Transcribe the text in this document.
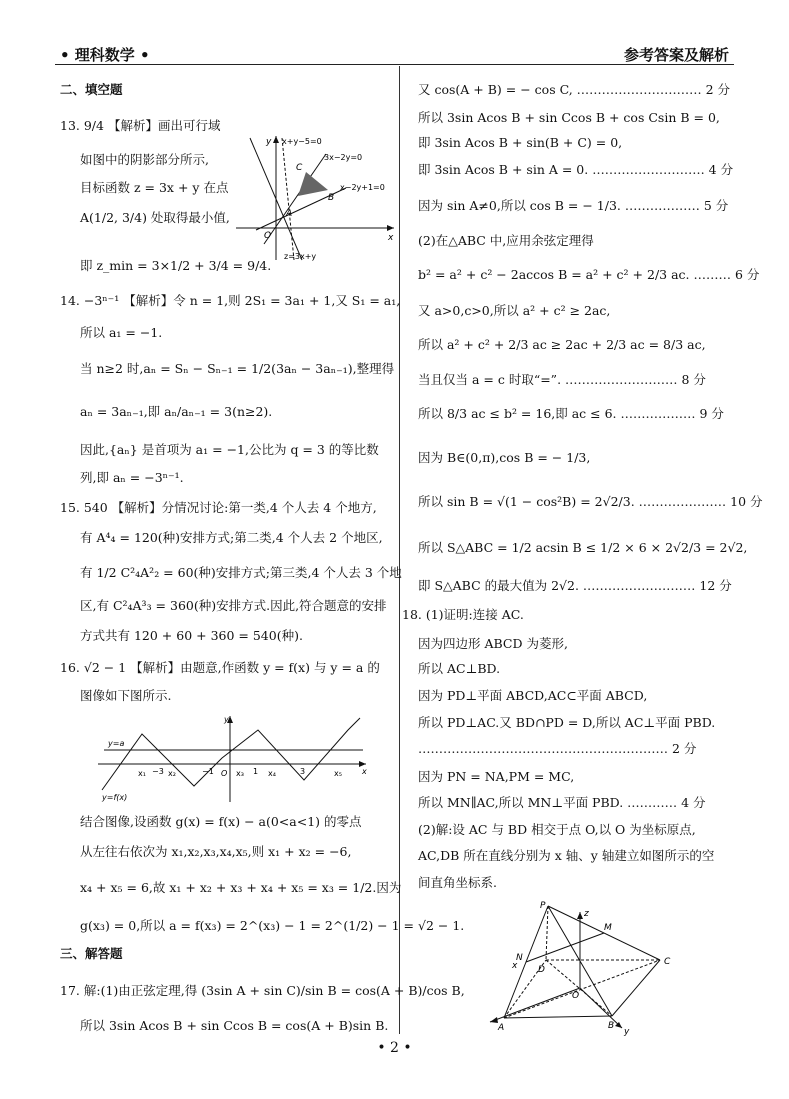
• 理科数学 •	参考答案及解析
二、填空题
13. 9/4 【解析】画出可行域
如图中的阴影部分所示,
目标函数 z = 3x + y 在点
A(1/2, 3/4) 处取得最小值,
即 z_min = 3×1/2 + 3/4 = 9/4.
x+y−5=0
3x−2y=0
x−2y+1=0
z=3x+y
C
B
A
O
y
x
14. −3ⁿ⁻¹ 【解析】令 n = 1,则 2S₁ = 3a₁ + 1,又 S₁ = a₁,
所以 a₁ = −1.
当 n≥2 时,aₙ = Sₙ − Sₙ₋₁ = 1/2(3aₙ − 3aₙ₋₁),整理得
aₙ = 3aₙ₋₁,即 aₙ/aₙ₋₁ = 3(n≥2).
因此,{aₙ} 是首项为 a₁ = −1,公比为 q = 3 的等比数
列,即 aₙ = −3ⁿ⁻¹.
15. 540 【解析】分情况讨论:第一类,4 个人去 4 个地方,
有 A⁴₄ = 120(种)安排方式;第二类,4 个人去 2 个地区,
有 1/2 C²₄A²₂ = 60(种)安排方式;第三类,4 个人去 3 个地
区,有 C²₄A³₃ = 360(种)安排方式.因此,符合题意的安排
方式共有 120 + 60 + 360 = 540(种).
16. √2 − 1 【解析】由题意,作函数 y = f(x) 与 y = a 的
图像如下图所示.
y=a
y=f(x)
y
x
x₁ −3 x₂	−1 O x₃ 1 x₄	3	x₅
结合图像,设函数 g(x) = f(x) − a(0<a<1) 的零点
从左往右依次为 x₁,x₂,x₃,x₄,x₅,则 x₁ + x₂ = −6,
x₄ + x₅ = 6,故 x₁ + x₂ + x₃ + x₄ + x₅ = x₃ = 1/2.因为
g(x₃) = 0,所以 a = f(x₃) = 2^(x₃) − 1 = 2^(1/2) − 1 = √2 − 1.
三、解答题
17. 解:(1)由正弦定理,得 (3sin A + sin C)/sin B = cos(A + B)/cos B,
所以 3sin Acos B + sin Ccos B = cos(A + B)sin B.
又 cos(A + B) = − cos C, ………………………… 2 分
所以 3sin Acos B + sin Ccos B + cos Csin B = 0,
即 3sin Acos B + sin(B + C) = 0,
即 3sin Acos B + sin A = 0. ……………………… 4 分
因为 sin A≠0,所以 cos B = − 1/3. ……………… 5 分
(2)在△ABC 中,应用余弦定理得
b² = a² + c² − 2accos B = a² + c² + 2/3 ac. ……… 6 分
又 a>0,c>0,所以 a² + c² ≥ 2ac,
所以 a² + c² + 2/3 ac ≥ 2ac + 2/3 ac = 8/3 ac,
当且仅当 a = c 时取“=”. ……………………… 8 分
所以 8/3 ac ≤ b² = 16,即 ac ≤ 6. ……………… 9 分
因为 B∈(0,π),cos B = − 1/3,
所以 sin B = √(1 − cos²B) = 2√2/3. ………………… 10 分
所以 S△ABC = 1/2 acsin B ≤ 1/2 × 6 × 2√2/3 = 2√2,
即 S△ABC 的最大值为 2√2. ……………………… 12 分
18. (1)证明:连接 AC.
因为四边形 ABCD 为菱形,
所以 AC⊥BD.
因为 PD⊥平面 ABCD,AC⊂平面 ABCD,
所以 PD⊥AC.又 BD∩PD = D,所以 AC⊥平面 PBD.
…………………………………………………… 2 分
因为 PN = NA,PM = MC,
所以 MN∥AC,所以 MN⊥平面 PBD. ………… 4 分
(2)解:设 AC 与 BD 相交于点 O,以 O 为坐标原点,
AC,DB 所在直线分别为 x 轴、y 轴建立如图所示的空
间直角坐标系.
P
z
M
N
x D
C
O
A	B
y
• 2 •
